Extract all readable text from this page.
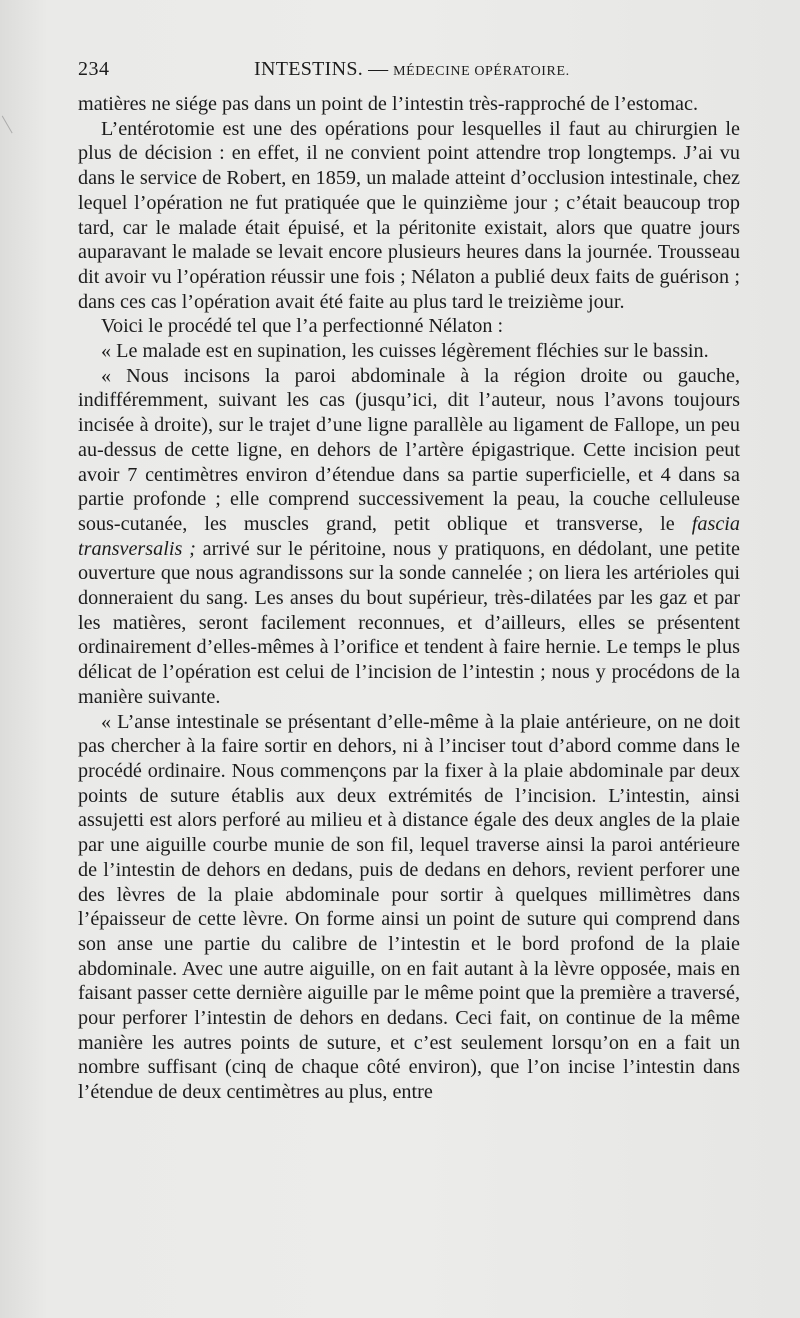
234	INTESTINS. — MÉDECINE OPÉRATOIRE.

matières ne siége pas dans un point de l’intestin très-rapproché de l’estomac.

L’entérotomie est une des opérations pour lesquelles il faut au chirurgien le plus de décision : en effet, il ne convient point attendre trop longtemps. J’ai vu dans le service de Robert, en 1859, un malade atteint d’occlusion intestinale, chez lequel l’opération ne fut pratiquée que le quinzième jour ; c’était beaucoup trop tard, car le malade était épuisé, et la péritonite existait, alors que quatre jours auparavant le malade se levait encore plusieurs heures dans la journée. Trousseau dit avoir vu l’opération réussir une fois ; Nélaton a publié deux faits de guérison ; dans ces cas l’opération avait été faite au plus tard le treizième jour.

Voici le procédé tel que l’a perfectionné Nélaton :

« Le malade est en supination, les cuisses légèrement fléchies sur le bassin.

« Nous incisons la paroi abdominale à la région droite ou gauche, indifféremment, suivant les cas (jusqu’ici, dit l’auteur, nous l’avons toujours incisée à droite), sur le trajet d’une ligne parallèle au ligament de Fallope, un peu au-dessus de cette ligne, en dehors de l’artère épigastrique. Cette incision peut avoir 7 centimètres environ d’étendue dans sa partie superficielle, et 4 dans sa partie profonde ; elle comprend successivement la peau, la couche celluleuse sous-cutanée, les muscles grand, petit oblique et transverse, le fascia transversalis ; arrivé sur le péritoine, nous y pratiquons, en dédolant, une petite ouverture que nous agrandissons sur la sonde cannelée ; on liera les artérioles qui donneraient du sang. Les anses du bout supérieur, très-dilatées par les gaz et par les matières, seront facilement reconnues, et d’ailleurs, elles se présentent ordinairement d’elles-mêmes à l’orifice et tendent à faire hernie. Le temps le plus délicat de l’opération est celui de l’incision de l’intestin ; nous y procédons de la manière suivante.

« L’anse intestinale se présentant d’elle-même à la plaie antérieure, on ne doit pas chercher à la faire sortir en dehors, ni à l’inciser tout d’abord comme dans le procédé ordinaire. Nous commençons par la fixer à la plaie abdominale par deux points de suture établis aux deux extrémités de l’incision. L’intestin, ainsi assujetti est alors perforé au milieu et à distance égale des deux angles de la plaie par une aiguille courbe munie de son fil, lequel traverse ainsi la paroi antérieure de l’intestin de dehors en dedans, puis de dedans en dehors, revient perforer une des lèvres de la plaie abdominale pour sortir à quelques millimètres dans l’épaisseur de cette lèvre. On forme ainsi un point de suture qui comprend dans son anse une partie du calibre de l’intestin et le bord profond de la plaie abdominale. Avec une autre aiguille, on en fait autant à la lèvre opposée, mais en faisant passer cette dernière aiguille par le même point que la première a traversé, pour perforer l’intestin de dehors en dedans. Ceci fait, on continue de la même manière les autres points de suture, et c’est seulement lorsqu’on en a fait un nombre suffisant (cinq de chaque côté environ), que l’on incise l’intestin dans l’étendue de deux centimètres au plus, entre
